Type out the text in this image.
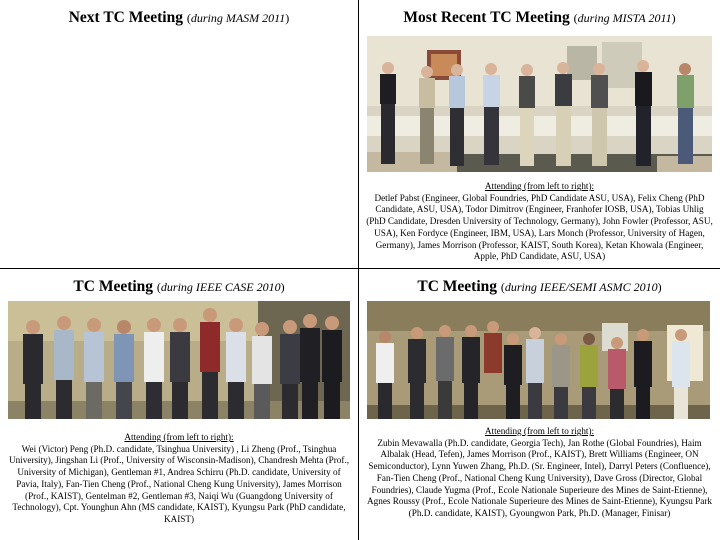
Next TC Meeting (during MASM 2011)	Most Recent TC Meeting (during MISTA 2011)
Attending (from left to right):
Detlef Pabst (Engineer, Global Foundries, PhD Candidate ASU, USA), Felix Cheng (PhD Candidate, ASU, USA), Todor Dimitrov (Engineer, Franhofer IOSB, USA), Tobias Uhlig (PhD Candidate, Dresden University of Technology, Germany), John Fowler (Professor, ASU, USA), Ken Fordyce (Engineer, IBM, USA), Lars Monch (Professor, University of Hagen, Germany), James Morrison (Professor, KAIST, South Korea), Ketan Khowala (Engineer, Apple, PhD Candidate, ASU, USA)
TC Meeting (during IEEE CASE 2010)
Attending (from left to right):
Wei (Victor) Peng (Ph.D. candidate, Tsinghua University) , Li Zheng (Prof., Tsinghua University), Jingshan Li (Prof., University of Wisconsin-Madison), Chandresh Mehta (Prof., University of Michigan), Gentleman #1, Andrea Schirru (Ph.D. candidate, University of Pavia, Italy), Fan-Tien Cheng (Prof., National Cheng Kung University), James Morrison (Prof., KAIST), Gentelman #2, Gentleman #3, Naiqi Wu (Guangdong University of Technology), Cpt. Younghun Ahn (MS candidate, KAIST), Kyungsu Park (PhD candidate, KAIST)
TC Meeting (during IEEE/SEMI ASMC 2010)
Attending (from left to right):
Zubin Mevawalla (Ph.D. candidate, Georgia Tech), Jan Rothe (Global Foundries), Haim Albalak (Head, Tefen), James Morrison (Prof., KAIST), Brett Williams (Engineer, ON Semiconductor), Lynn Yuwen Zhang, Ph.D. (Sr. Engineer, Intel), Darryl Peters (Confluence), Fan-Tien Cheng (Prof., National Cheng Kung University), Dave Gross (Director, Global Foundries), Claude Yugma (Prof., Ecole Nationale Superieure des Mines de Saint-Etienne), Agnes Roussy (Prof., Ecole Nationale Superieure des Mines de Saint-Etienne), Kyungsu Park (Ph.D. candidate, KAIST), Gyoungwon Park, Ph.D. (Manager, Finisar)
